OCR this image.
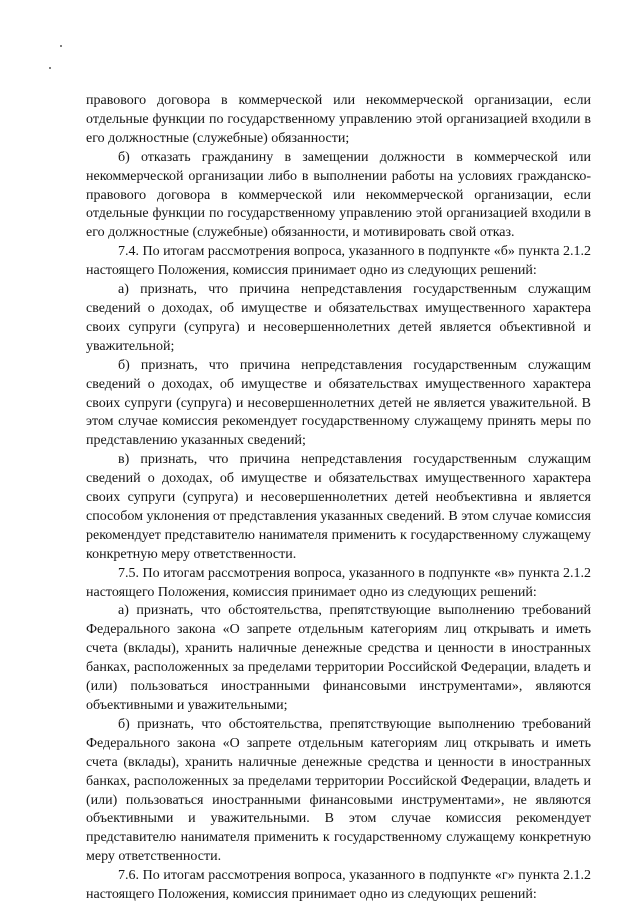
правового договора в коммерческой или некоммерческой организации, если отдельные функции по государственному управлению этой организацией входили в его должностные (служебные) обязанности;

б) отказать гражданину в замещении должности в коммерческой или некоммерческой организации либо в выполнении работы на условиях гражданско-правового договора в коммерческой или некоммерческой организации, если отдельные функции по государственному управлению этой организацией входили в его должностные (служебные) обязанности, и мотивировать свой отказ.

7.4. По итогам рассмотрения вопроса, указанного в подпункте «б» пункта 2.1.2 настоящего Положения, комиссия принимает одно из следующих решений:

а) признать, что причина непредставления государственным служащим сведений о доходах, об имуществе и обязательствах имущественного характера своих супруги (супруга) и несовершеннолетних детей является объективной и уважительной;

б) признать, что причина непредставления государственным служащим сведений о доходах, об имуществе и обязательствах имущественного характера своих супруги (супруга) и несовершеннолетних детей не является уважительной. В этом случае комиссия рекомендует государственному служащему принять меры по представлению указанных сведений;

в) признать, что причина непредставления государственным служащим сведений о доходах, об имуществе и обязательствах имущественного характера своих супруги (супруга) и несовершеннолетних детей необъективна и является способом уклонения от представления указанных сведений. В этом случае комиссия рекомендует представителю нанимателя применить к государственному служащему конкретную меру ответственности.

7.5. По итогам рассмотрения вопроса, указанного в подпункте «в» пункта 2.1.2 настоящего Положения, комиссия принимает одно из следующих решений:

а) признать, что обстоятельства, препятствующие выполнению требований Федерального закона «О запрете отдельным категориям лиц открывать и иметь счета (вклады), хранить наличные денежные средства и ценности в иностранных банках, расположенных за пределами территории Российской Федерации, владеть и (или) пользоваться иностранными финансовыми инструментами», являются объективными и уважительными;

б) признать, что обстоятельства, препятствующие выполнению требований Федерального закона «О запрете отдельным категориям лиц открывать и иметь счета (вклады), хранить наличные денежные средства и ценности в иностранных банках, расположенных за пределами территории Российской Федерации, владеть и (или) пользоваться иностранными финансовыми инструментами», не являются объективными и уважительными. В этом случае комиссия рекомендует представителю нанимателя применить к государственному служащему конкретную меру ответственности.

7.6. По итогам рассмотрения вопроса, указанного в подпункте «г» пункта 2.1.2 настоящего Положения, комиссия принимает одно из следующих решений:
